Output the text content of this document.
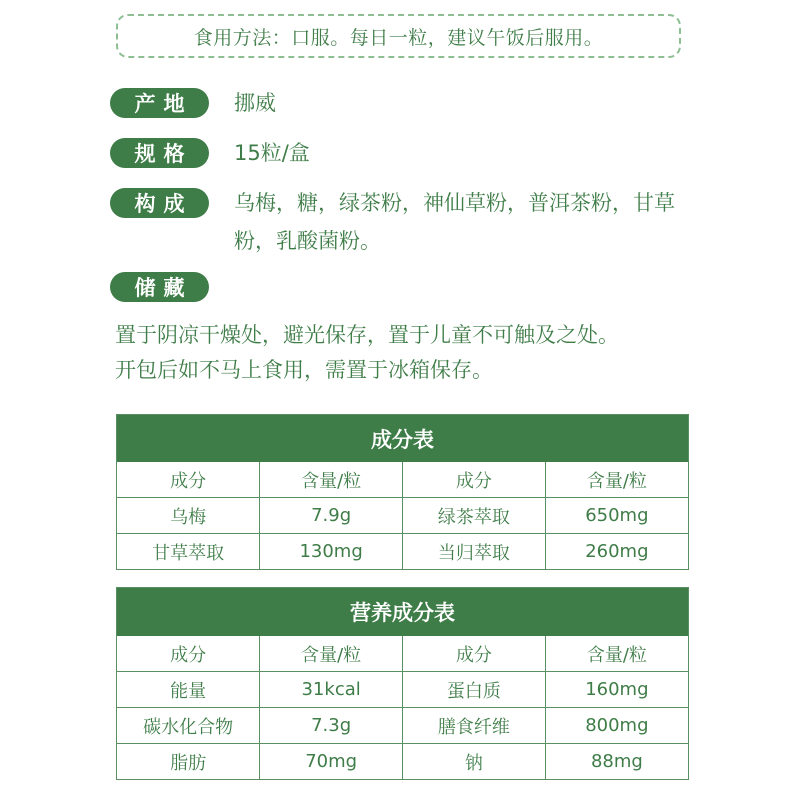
食用方法：口服。每日一粒，建议午饭后服用。
产地	挪威
规格	15粒/盒
构成	乌梅，糖，绿茶粉，神仙草粉，普洱茶粉，甘草粉，乳酸菌粉。
储藏
置于阴凉干燥处，避光保存，置于儿童不可触及之处。
开包后如不马上食用，需置于冰箱保存。
成分表
成分	含量/粒	成分	含量/粒
乌梅	7.9g	绿茶萃取	650mg
甘草萃取	130mg	当归萃取	260mg
营养成分表
成分	含量/粒	成分	含量/粒
能量	31kcal	蛋白质	160mg
碳水化合物	7.3g	膳食纤维	800mg
脂肪	70mg	钠	88mg
